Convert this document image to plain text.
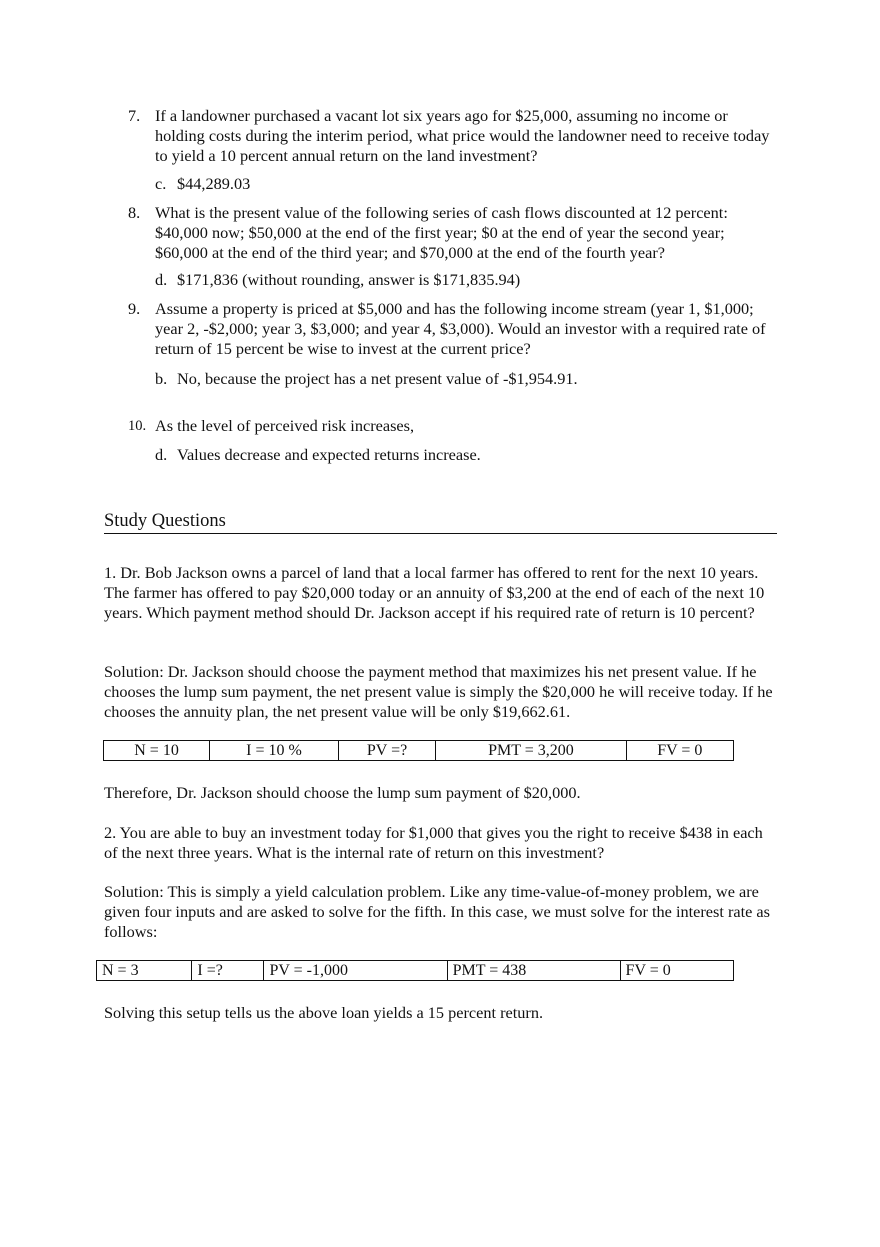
7. If a landowner purchased a vacant lot six years ago for $25,000, assuming no income or holding costs during the interim period, what price would the landowner need to receive today to yield a 10 percent annual return on the land investment?
c. $44,289.03
8. What is the present value of the following series of cash flows discounted at 12 percent: $40,000 now; $50,000 at the end of the first year; $0 at the end of year the second year; $60,000 at the end of the third year; and $70,000 at the end of the fourth year?
d. $171,836 (without rounding, answer is $171,835.94)
9. Assume a property is priced at $5,000 and has the following income stream (year 1, $1,000; year 2, -$2,000; year 3, $3,000; and year 4, $3,000). Would an investor with a required rate of return of 15 percent be wise to invest at the current price?
b. No, because the project has a net present value of -$1,954.91.
10. As the level of perceived risk increases,
d. Values decrease and expected returns increase.
Study Questions
1. Dr. Bob Jackson owns a parcel of land that a local farmer has offered to rent for the next 10 years. The farmer has offered to pay $20,000 today or an annuity of $3,200 at the end of each of the next 10 years. Which payment method should Dr. Jackson accept if his required rate of return is 10 percent?
Solution: Dr. Jackson should choose the payment method that maximizes his net present value. If he chooses the lump sum payment, the net present value is simply the $20,000 he will receive today. If he chooses the annuity plan, the net present value will be only $19,662.61.
N = 10	I = 10 %	PV =?	PMT = 3,200	FV = 0
Therefore, Dr. Jackson should choose the lump sum payment of $20,000.
2. You are able to buy an investment today for $1,000 that gives you the right to receive $438 in each of the next three years. What is the internal rate of return on this investment?
Solution: This is simply a yield calculation problem. Like any time-value-of-money problem, we are given four inputs and are asked to solve for the fifth. In this case, we must solve for the interest rate as follows:
N = 3	I =?	PV = -1,000	PMT = 438	FV = 0
Solving this setup tells us the above loan yields a 15 percent return.
